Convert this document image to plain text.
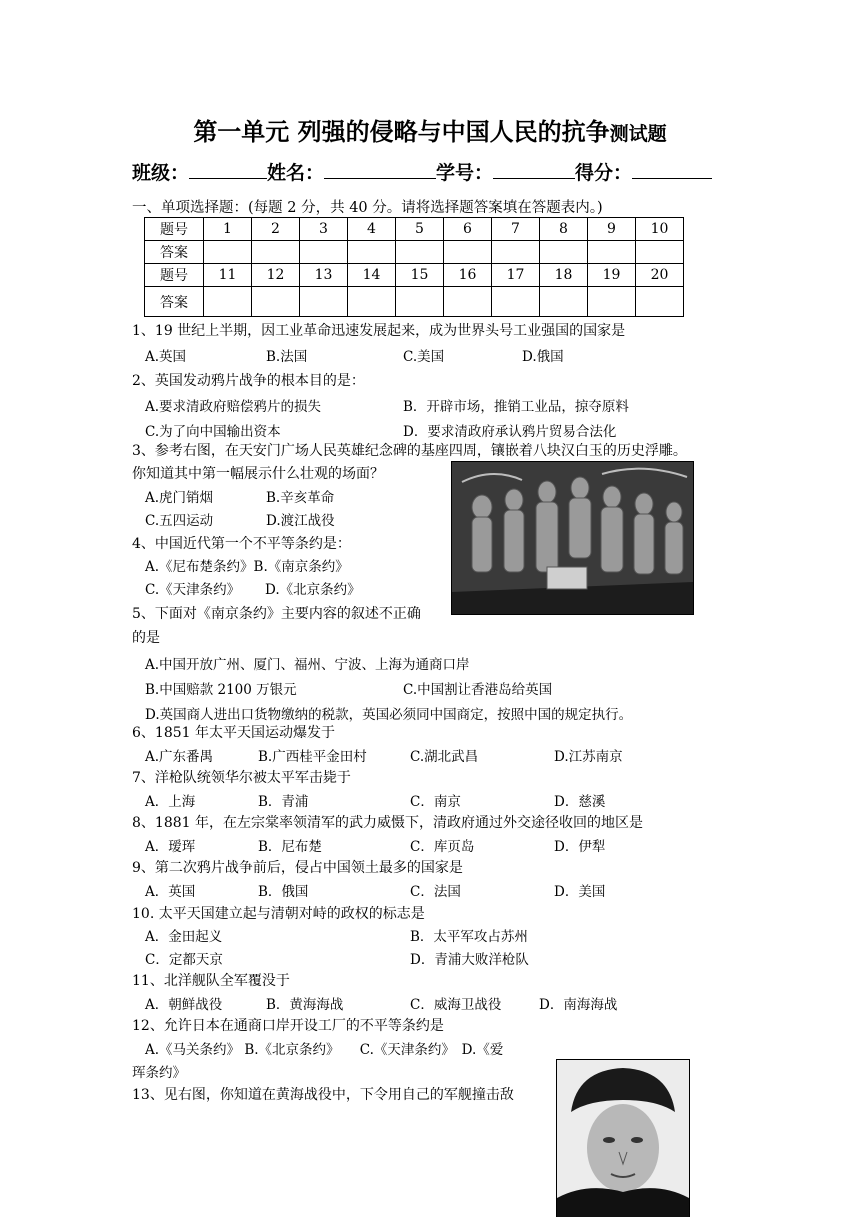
第一单元 列强的侵略与中国人民的抗争测试题
班级：	姓名：	学号：	得分：
一、单项选择题：(每题 2 分，共 40 分。请将选择题答案填在答题表内。)
题号	1	2	3	4	5	6	7	8	9	10
答案										
题号	11	12	13	14	15	16	17	18	19	20
答案										
1、19 世纪上半期，因工业革命迅速发展起来，成为世界头号工业强国的国家是
A.英国	B.法国	C.美国	D.俄国
2、英国发动鸦片战争的根本目的是：
A.要求清政府赔偿鸦片的损失	B．开辟市场，推销工业品，掠夺原料
C.为了向中国输出资本	D．要求清政府承认鸦片贸易合法化
3、参考右图，在天安门广场人民英雄纪念碑的基座四周，镶嵌着八块汉白玉的历史浮雕。
你知道其中第一幅展示什么壮观的场面？
A.虎门销烟	B.辛亥革命
C.五四运动	D.渡江战役
4、中国近代第一个不平等条约是：
A.《尼布楚条约》B.《南京条约》
C.《天津条约》 D.《北京条约》
5、下面对《南京条约》主要内容的叙述不正确
的是
A.中国开放广州、厦门、福州、宁波、上海为通商口岸
B.中国赔款 2100 万银元	C.中国割让香港岛给英国
D.英国商人进出口货物缴纳的税款，英国必须同中国商定，按照中国的规定执行。
6、1851 年太平天国运动爆发于
A.广东番禺	B.广西桂平金田村	C.湖北武昌	D.江苏南京
7、洋枪队统领华尔被太平军击毙于
A．上海	B．青浦	C．南京	D．慈溪
8、1881 年，在左宗棠率领清军的武力威慑下，清政府通过外交途径收回的地区是
A．瑷珲	B．尼布楚	C．库页岛	D．伊犁
9、第二次鸦片战争前后，侵占中国领土最多的国家是
A．英国	B．俄国	C．法国	D．美国
10. 太平天国建立起与清朝对峙的政权的标志是
A．金田起义	B．太平军攻占苏州
C．定都天京	D．青浦大败洋枪队
11、北洋舰队全军覆没于
A．朝鲜战役	B．黄海海战	C．威海卫战役	D．南海海战
12、允许日本在通商口岸开设工厂的不平等条约是
A.《马关条约》 B.《北京条约》　　C.《天津条约》　D.《爱
珲条约》
13、见右图，你知道在黄海战役中，下令用自己的军舰撞击敌
